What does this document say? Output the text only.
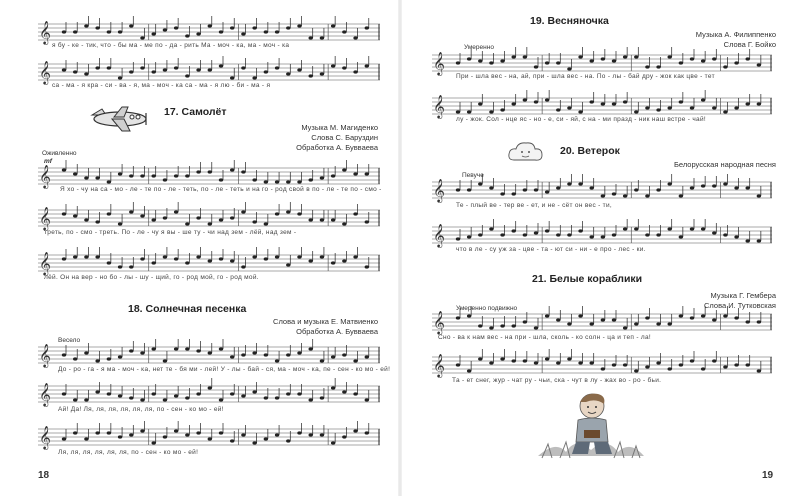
𝄞
я бу - ке - тик, что - бы ма - ме по - да - рить Ма - моч - ка, ма - моч - ка
𝄞
са - ма - я кра - си - ва - я, ма - моч - ка са - ма - я лю - би - ма - я
17. Самолёт
Музыка М. Магиденко
Слова С. Баруздин
Обработка А. Бувваева
Оживленно
mf
𝄞
Я хо - чу на са - мо - ле - те по - ле - теть, по - ле - теть и на го - род свой в по - ле - те по - смо -
𝄞
треть, по - смо - треть. По - ле - чу я вы - ше ту - чи над зем - лёй, над зем -
𝄞
лёй. Он на вер - но бо - лы - шу - щий, го - род мой, го - род мой.
18. Солнечная песенка
Слова и музыка Е. Матвиенко
Обработка А. Бувваева
Весело
𝄞
До - ро - га - я ма - моч - ка, нет те - бя ми - лей! У - лы - бай - ся, ма - моч - ка, пе - сен - ко мо - ей!
𝄞
Ай! Да! Ля, ля, ля, ля, ля, ля, по - сен - ко мо - ей!
𝄞
Ля, ля, ля, ля, ля, ля, по - сен - ко мо - ей!
18
19. Весняночка
Музыка А. Филиппенко
Слова Г. Бойко
Умеренно
𝄞
При - шла вес - на, ай, при - шла вес - на. По - лы - бай дру - жок как цве - тет
𝄞
лу - жок. Сол - нце яс - но - е, си - яй, с на - ми празд - ник наш встре - чай!
20. Ветерок
Белорусская народная песня
Певуче
𝄞
Те - плый ве - тер ве - ет, и не - сёт он вес - ти,
𝄞
что в ле - су уж за - цве - та - ют си - ни - е про - лес - ки.
21. Белые кораблики
Музыка Г. Гембера
Слова И. Тутковская
Умеренно подвижно
𝄞
Сно - ва к нам вес - на при - шла, сколь - ко солн - ца и теп - ла!
𝄞
Та - ет снег, жур - чат ру - чьи, ска - чут в лу - жах во - ро - бьи.
19
